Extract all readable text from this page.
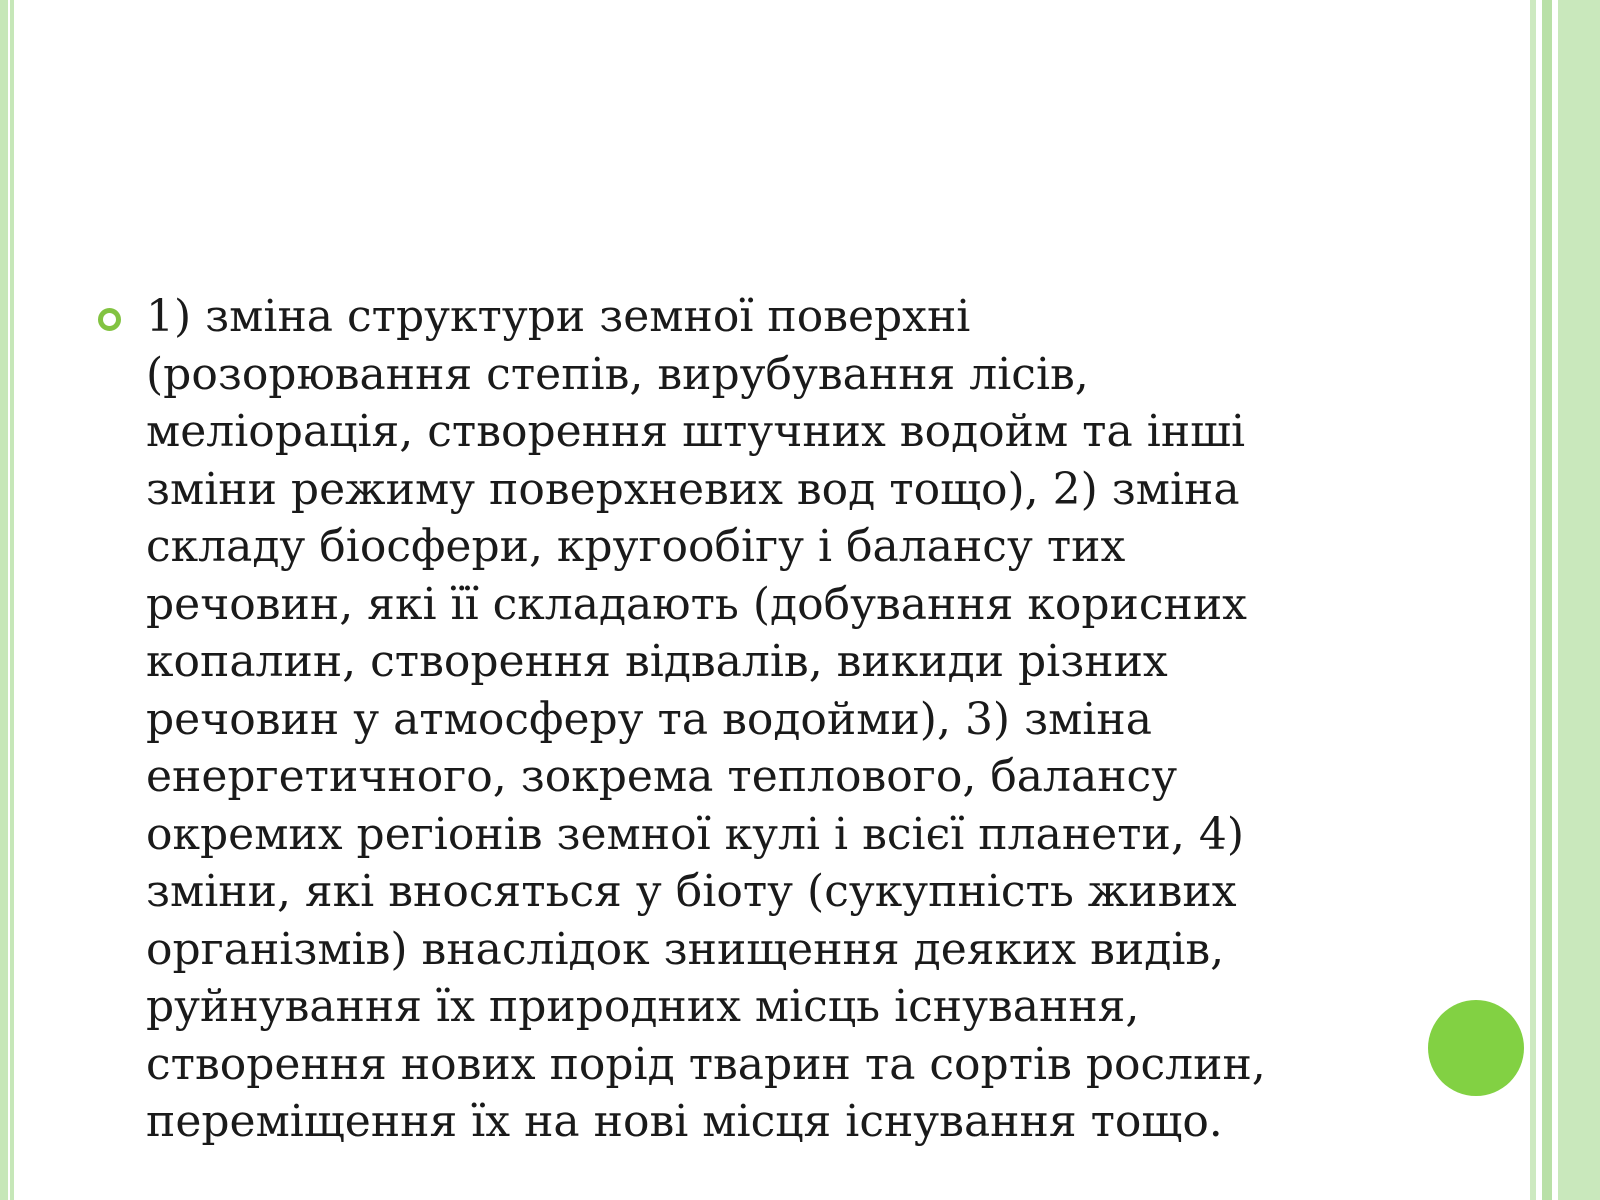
1) зміна структури земної поверхні
(розорювання степів, вирубування лісів,
меліорація, створення штучних водойм та інші
зміни режиму поверхневих вод тощо), 2) зміна
складу біосфери, кругообігу і балансу тих
речовин, які її складають (добування корисних
копалин, створення відвалів, викиди різних
речовин у атмосферу та водойми), 3) зміна
енергетичного, зокрема теплового, балансу
окремих регіонів земної кулі і всієї планети, 4)
зміни, які вносяться у біоту (сукупність живих
організмів) внаслідок знищення деяких видів,
руйнування їх природних місць існування,
створення нових порід тварин та сортів рослин,
переміщення їх на нові місця існування тощо.
